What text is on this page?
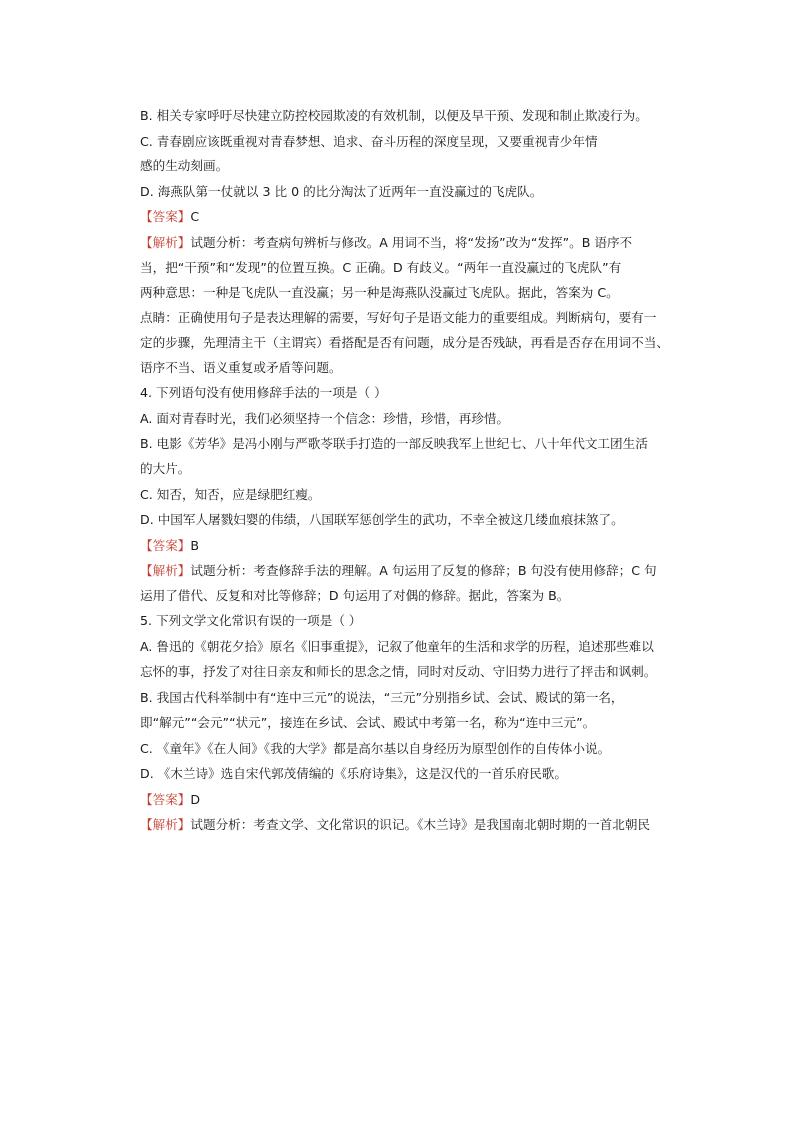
B. 相关专家呼吁尽快建立防控校园欺凌的有效机制，以便及早干预、发现和制止欺凌行为。
C. 青春剧应该既重视对青春梦想、追求、奋斗历程的深度呈现，又要重视青少年情
感的生动刻画。
D. 海燕队第一仗就以 3 比 0 的比分淘汰了近两年一直没赢过的飞虎队。
【答案】C
【解析】试题分析：考查病句辨析与修改。A 用词不当，将“发扬”改为“发挥”。B 语序不
当，把“干预”和“发现”的位置互换。C 正确。D 有歧义。“两年一直没赢过的飞虎队”有
两种意思：一种是飞虎队一直没赢；另一种是海燕队没赢过飞虎队。据此，答案为 C。
点睛：正确使用句子是表达理解的需要，写好句子是语文能力的重要组成。判断病句，要有一
定的步骤，先理清主干（主谓宾）看搭配是否有问题，成分是否残缺，再看是否存在用词不当、
语序不当、语义重复或矛盾等问题。
4. 下列语句没有使用修辞手法的一项是（ ）
A. 面对青春时光，我们必须坚持一个信念：珍惜，珍惜，再珍惜。
B. 电影《芳华》是冯小刚与严歌苓联手打造的一部反映我军上世纪七、八十年代文工团生活
的大片。
C. 知否，知否，应是绿肥红瘦。
D. 中国军人屠戮妇婴的伟绩，八国联军惩创学生的武功，不幸全被这几缕血痕抹煞了。
【答案】B
【解析】试题分析：考查修辞手法的理解。A 句运用了反复的修辞；B 句没有使用修辞；C 句
运用了借代、反复和对比等修辞；D 句运用了对偶的修辞。据此，答案为 B。
5. 下列文学文化常识有误的一项是（ ）
A. 鲁迅的《朝花夕拾》原名《旧事重提》，记叙了他童年的生活和求学的历程，追述那些难以
忘怀的事，抒发了对往日亲友和师长的思念之情，同时对反动、守旧势力进行了抨击和讽刺。
B. 我国古代科举制中有“连中三元”的说法，“三元”分别指乡试、会试、殿试的第一名，
即“解元”“会元”“状元”，接连在乡试、会试、殿试中考第一名，称为“连中三元”。
C. 《童年》《在人间》《我的大学》都是高尔基以自身经历为原型创作的自传体小说。
D. 《木兰诗》选自宋代郭茂倩编的《乐府诗集》，这是汉代的一首乐府民歌。
【答案】D
【解析】试题分析：考查文学、文化常识的识记。《木兰诗》是我国南北朝时期的一首北朝民
